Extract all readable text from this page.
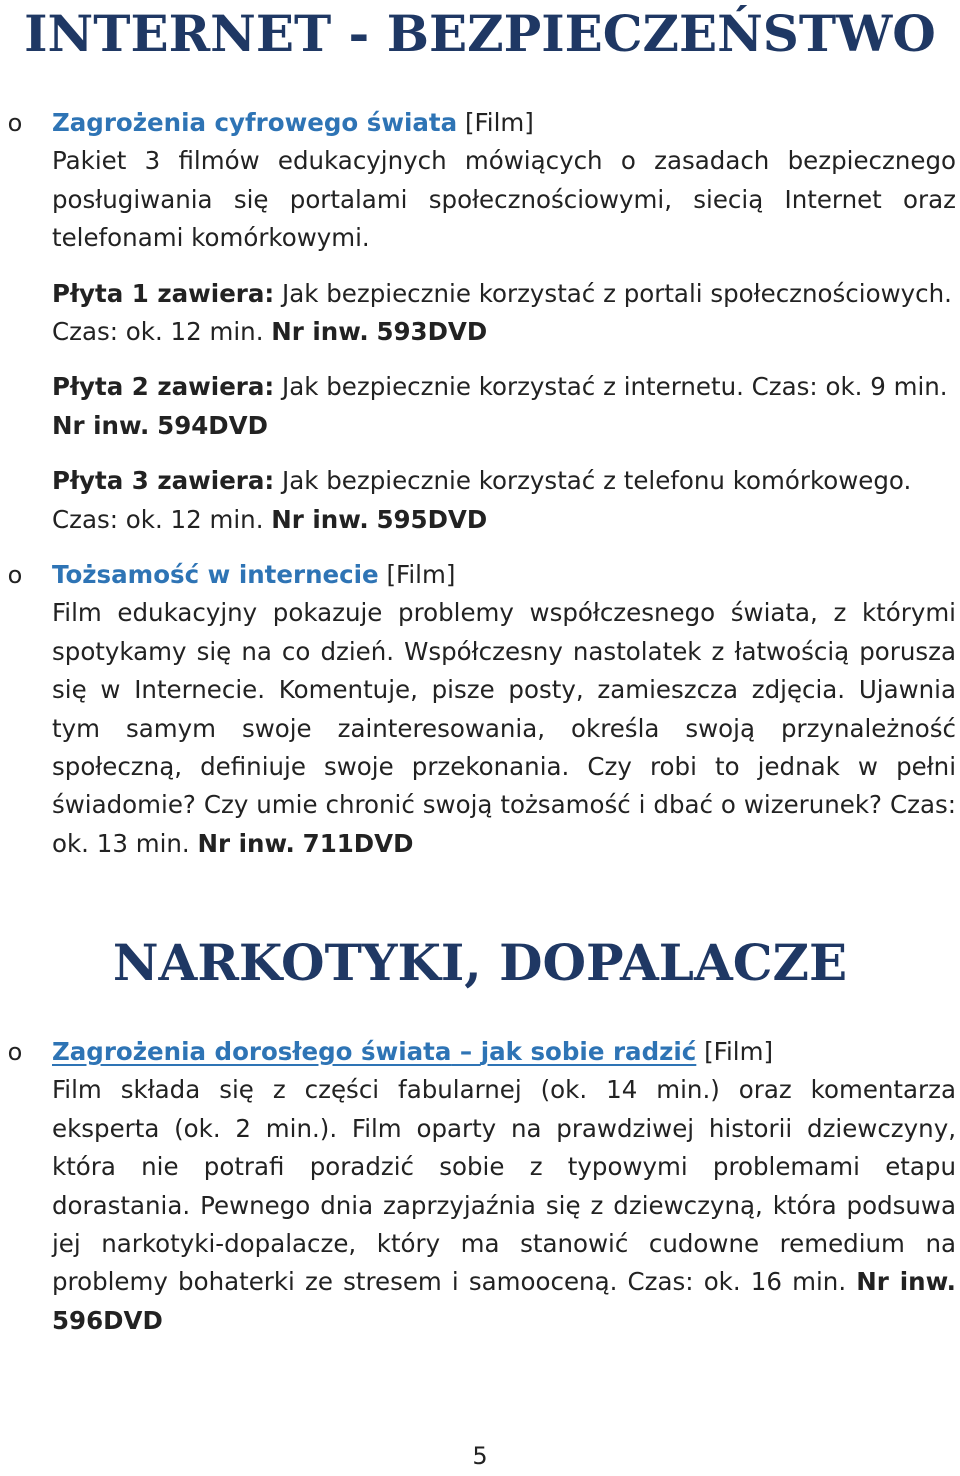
INTERNET - BEZPIECZEŃSTWO
o	Zagrożenia cyfrowego świata [Film]

Pakiet 3 filmów edukacyjnych mówiących o zasadach bezpiecznego posługiwania się portalami społecznościowymi, siecią Internet oraz telefonami komórkowymi.

Płyta 1 zawiera: Jak bezpiecznie korzystać z portali społecznościowych. Czas: ok. 12 min. Nr inw. 593DVD

Płyta 2 zawiera: Jak bezpiecznie korzystać z internetu. Czas: ok. 9 min. Nr inw. 594DVD

Płyta 3 zawiera: Jak bezpiecznie korzystać z telefonu komórkowego. Czas: ok. 12 min. Nr inw. 595DVD

o	Tożsamość w internecie [Film]

Film edukacyjny pokazuje problemy współczesnego świata, z którymi spotykamy się na co dzień. Współczesny nastolatek z łatwością porusza się w Internecie. Komentuje, pisze posty, zamieszcza zdjęcia. Ujawnia tym samym swoje zainteresowania, określa swoją przynależność społeczną, definiuje swoje przekonania. Czy robi to jednak w pełni świadomie? Czy umie chronić swoją tożsamość i dbać o wizerunek? Czas: ok. 13 min. Nr inw. 711DVD

NARKOTYKI, DOPALACZE
o	Zagrożenia dorosłego świata – jak sobie radzić [Film]

Film składa się z części fabularnej (ok. 14 min.) oraz komentarza eksperta (ok. 2 min.). Film oparty na prawdziwej historii dziewczyny, która nie potrafi poradzić sobie z typowymi problemami etapu dorastania. Pewnego dnia zaprzyjaźnia się z dziewczyną, która podsuwa jej narkotyki-dopalacze, który ma stanowić cudowne remedium na problemy bohaterki ze stresem i samooceną. Czas: ok. 16 min. Nr inw. 596DVD

5
